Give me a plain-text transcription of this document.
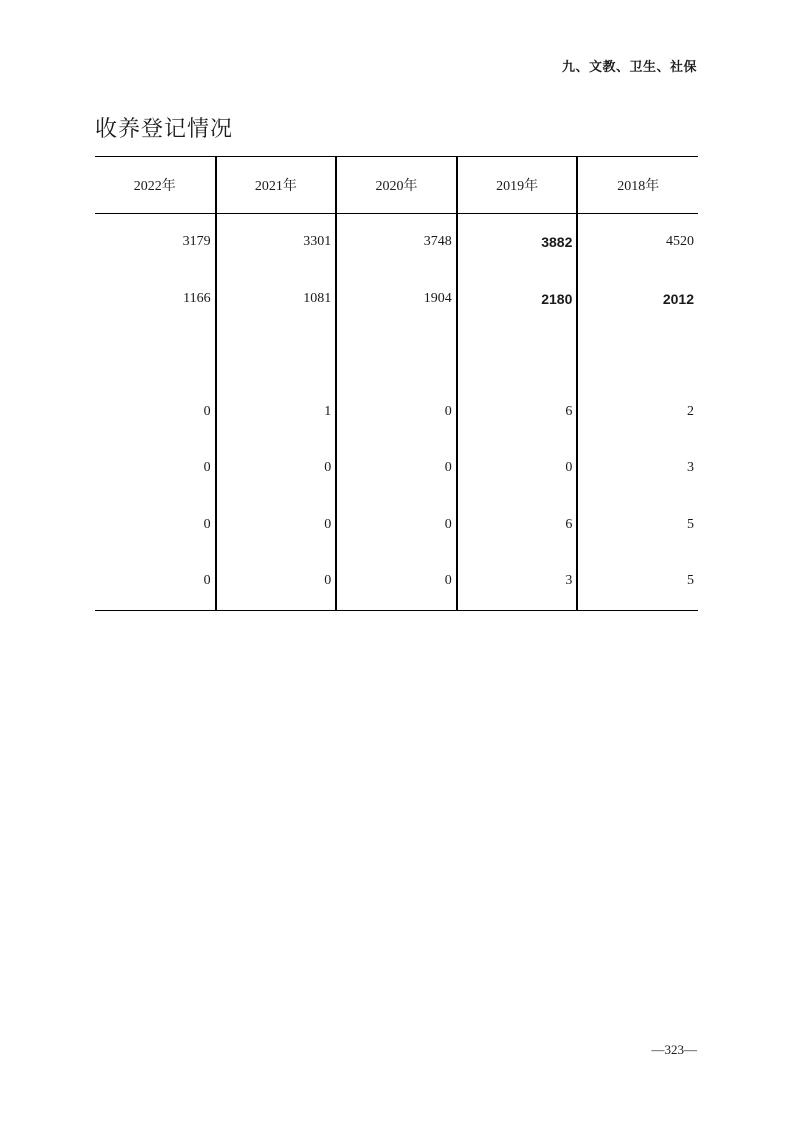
九、文教、卫生、社保
收养登记情况
2022年	2021年	2020年	2019年	2018年
3179	3301	3748	3882	4520
1166	1081	1904	2180	2012

0	1	0	6	2
0	0	0	0	3
0	0	0	6	5
0	0	0	3	5
—323—
